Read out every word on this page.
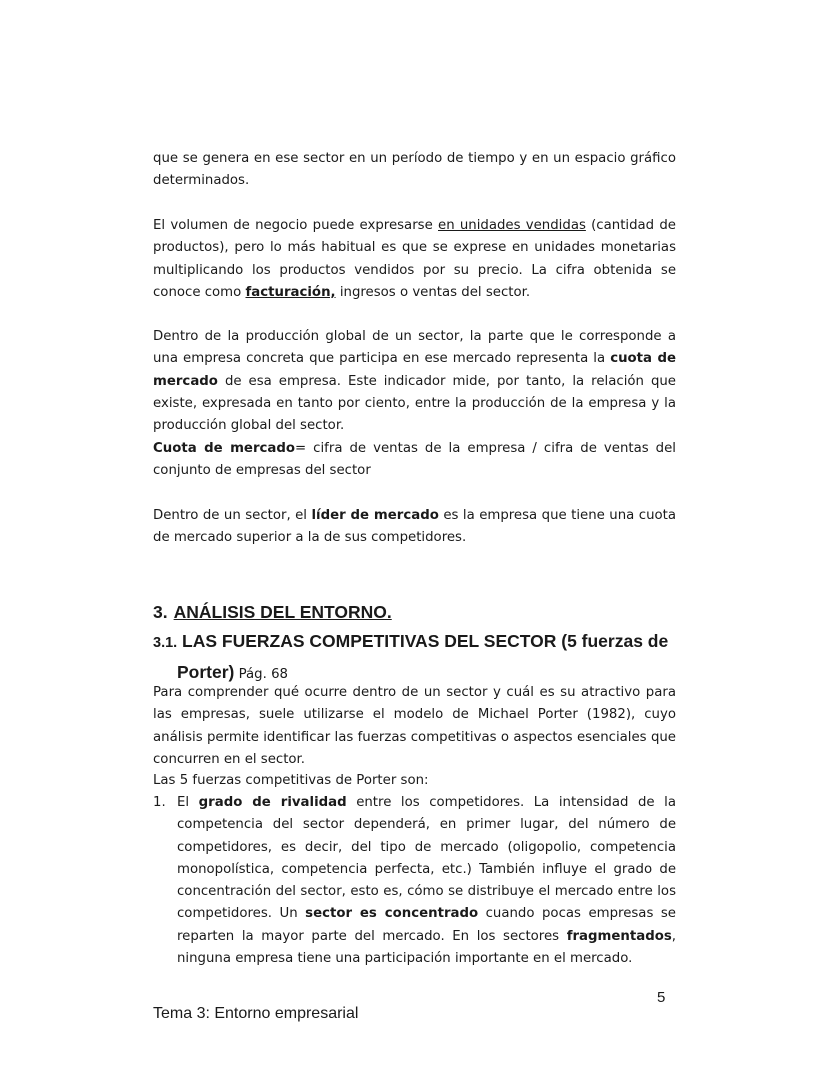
que se genera en ese sector en un período de tiempo y en un espacio gráfico determinados.

El volumen de negocio puede expresarse en unidades vendidas (cantidad de productos), pero lo más habitual es que se exprese en unidades monetarias multiplicando los productos vendidos por su precio. La cifra obtenida se conoce como facturación, ingresos o ventas del sector.

Dentro de la producción global de un sector, la parte que le corresponde a una empresa concreta que participa en ese mercado representa la cuota de mercado de esa empresa. Este indicador mide, por tanto, la relación que existe, expresada en tanto por ciento, entre la producción de la empresa y la producción global del sector.

Cuota de mercado= cifra de ventas de la empresa / cifra de ventas del conjunto de empresas del sector

Dentro de un sector, el líder de mercado es la empresa que tiene una cuota de mercado superior a la de sus competidores.

3. ANÁLISIS DEL ENTORNO.
3.1. LAS FUERZAS COMPETITIVAS DEL SECTOR (5 fuerzas de
Porter) Pág. 68

Para comprender qué ocurre dentro de un sector y cuál es su atractivo para las empresas, suele utilizarse el modelo de Michael Porter (1982), cuyo análisis permite identificar las fuerzas competitivas o aspectos esenciales que concurren en el sector.

Las 5 fuerzas competitivas de Porter son:

1. El grado de rivalidad entre los competidores. La intensidad de la competencia del sector dependerá, en primer lugar, del número de competidores, es decir, del tipo de mercado (oligopolio, competencia monopolística, competencia perfecta, etc.) También influye el grado de concentración del sector, esto es, cómo se distribuye el mercado entre los competidores. Un sector es concentrado cuando pocas empresas se reparten la mayor parte del mercado. En los sectores fragmentados, ninguna empresa tiene una participación importante en el mercado.
5
Tema 3: Entorno empresarial
